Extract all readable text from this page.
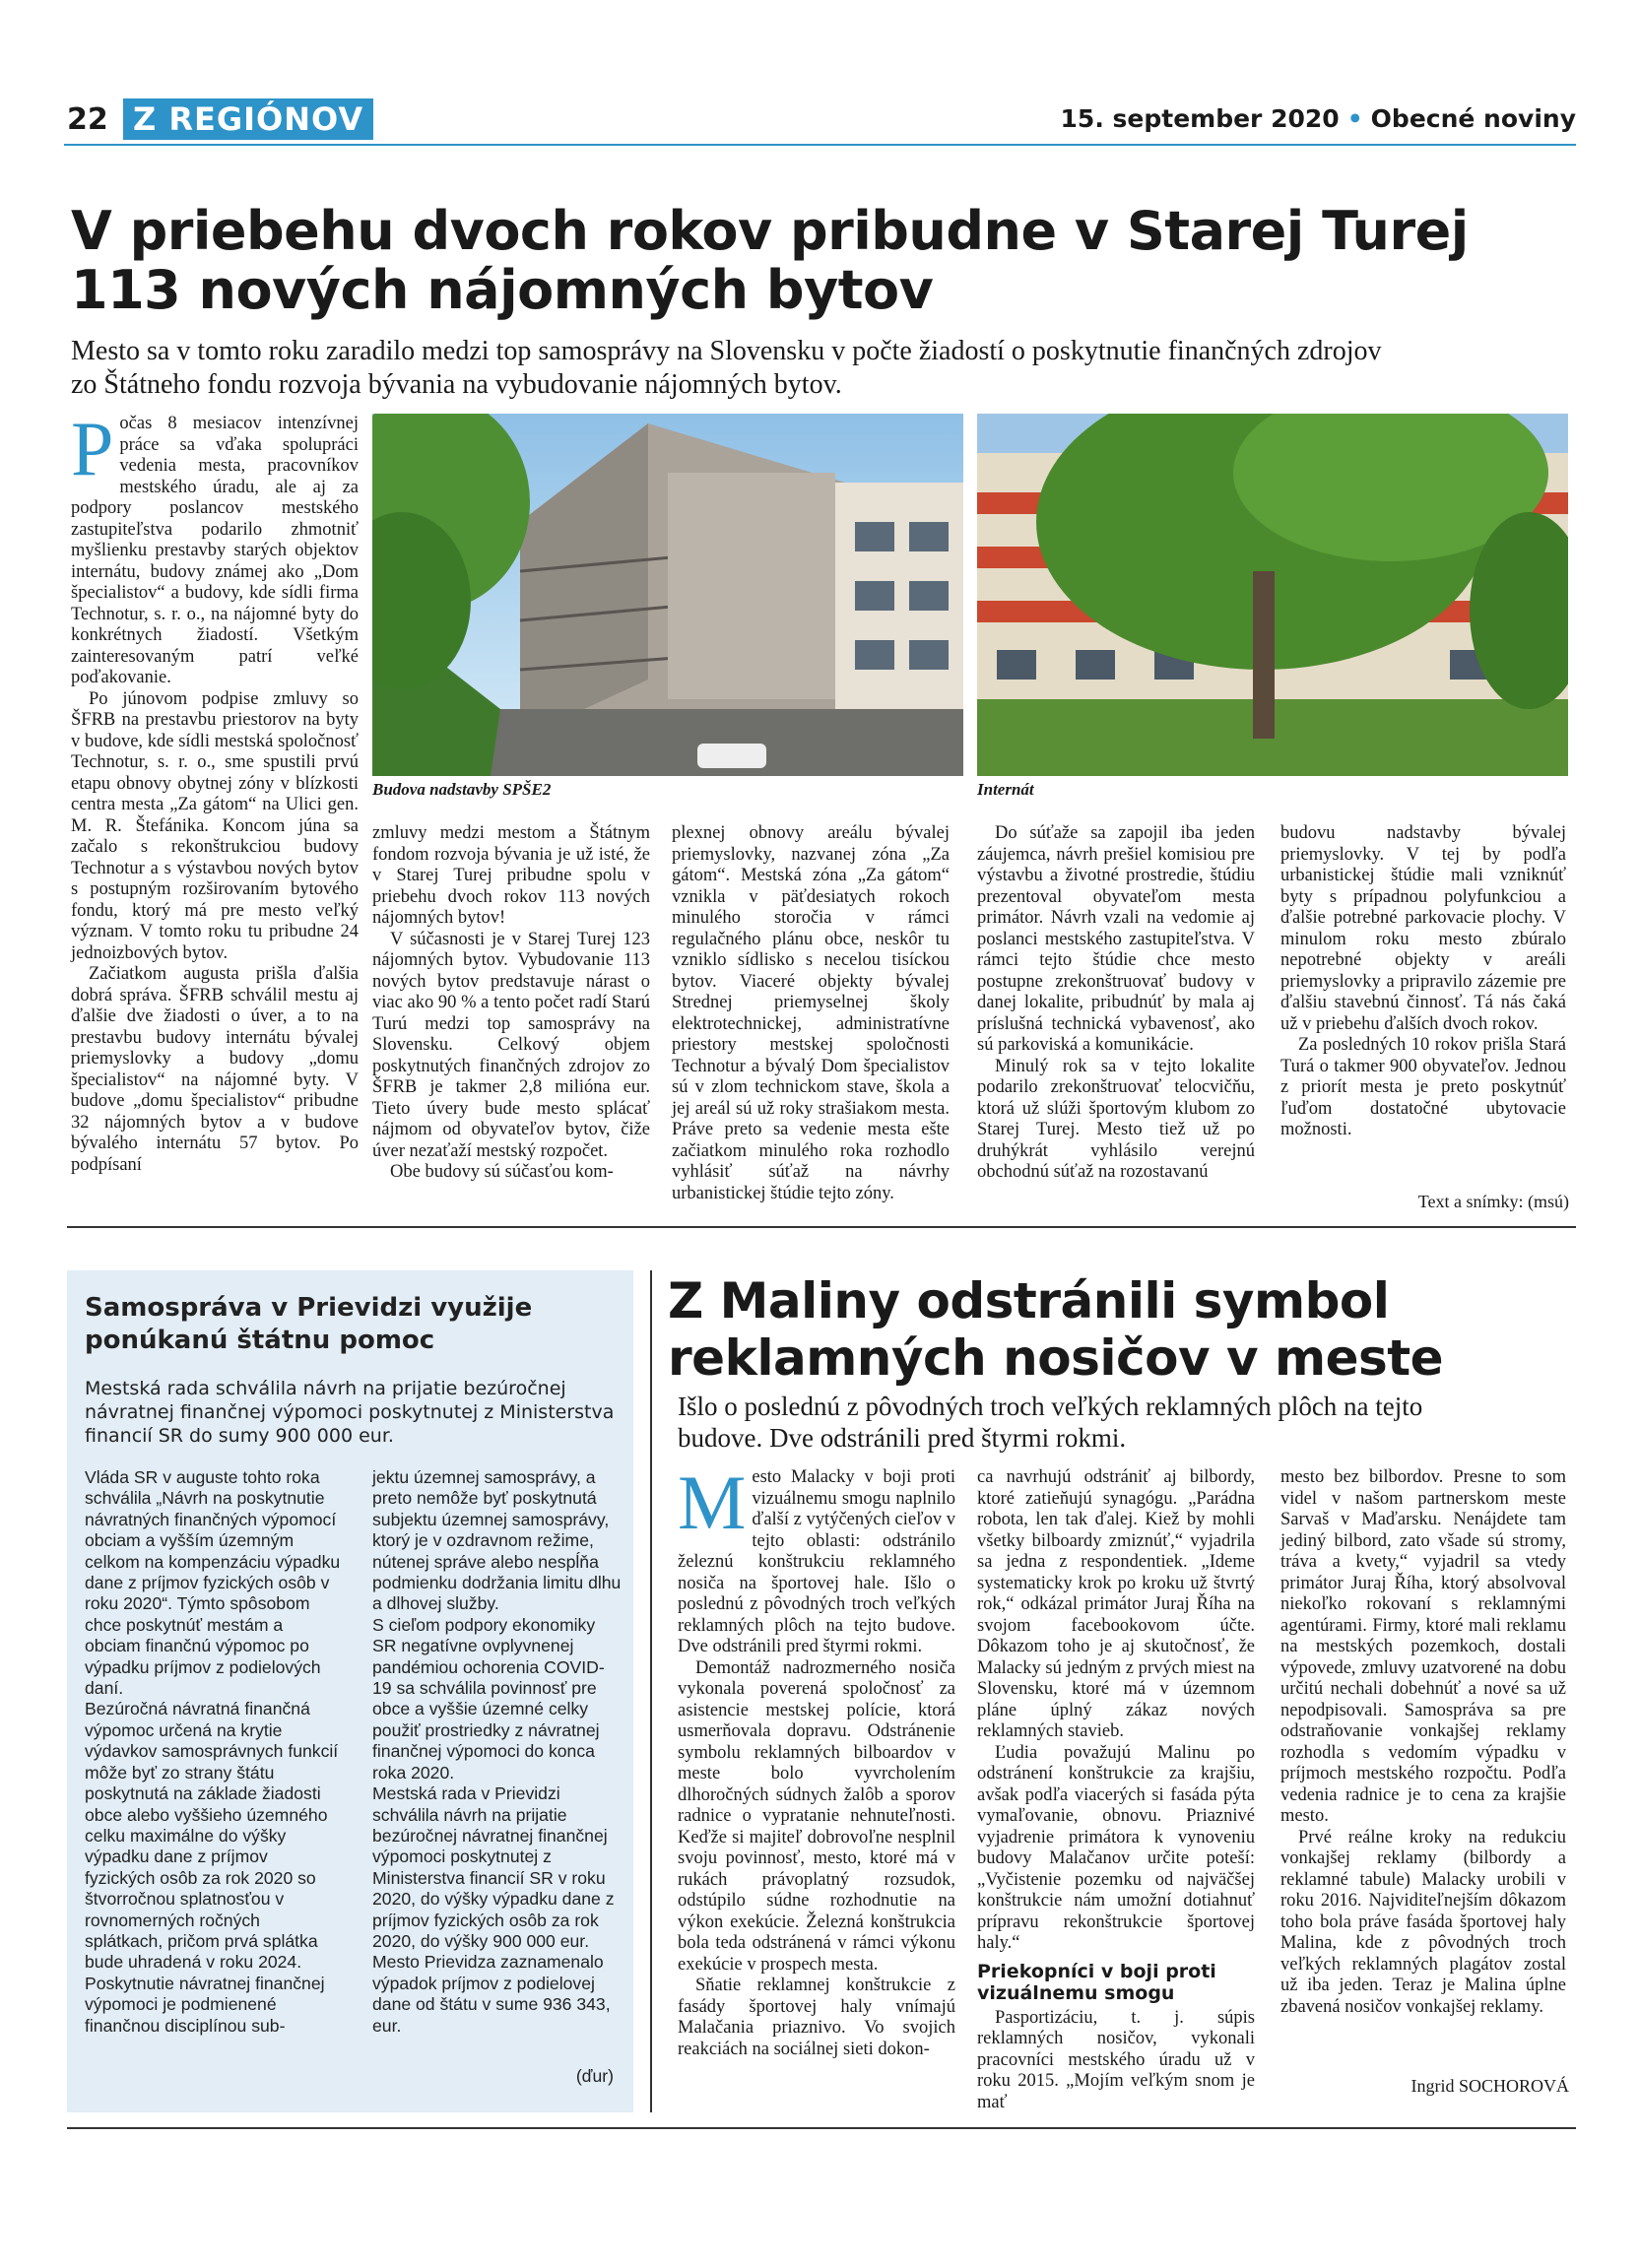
22 Z REGIÓNOV	15. september 2020 • Obecné noviny
V priebehu dvoch rokov pribudne v Starej Turej
113 nových nájomných bytov
Mesto sa v tomto roku zaradilo medzi top samosprávy na Slovensku v počte žiadostí o poskytnutie finančných zdrojov
zo Štátneho fondu rozvoja bývania na vybudovanie nájomných bytov.

Počas 8 mesiacov intenzívnej práce sa vďaka spolupráci vedenia mesta, pracovníkov mestského úradu, ale aj za podpory poslancov mestského zastupiteľstva podarilo zhmotniť myšlienku prestavby starých objektov internátu, budovy známej ako „Dom špecialistov“ a budovy, kde sídli firma Technotur, s. r. o., na nájomné byty do konkrétnych žiadostí. Všetkým zainteresovaným patrí veľké poďakovanie.

Po júnovom podpise zmluvy so ŠFRB na prestavbu priestorov na byty v budove, kde sídli mestská spoločnosť Technotur, s. r. o., sme spustili prvú etapu obnovy obytnej zóny v blízkosti centra mesta „Za gátom“ na Ulici gen. M. R. Štefánika. Koncom júna sa začalo s rekonštrukciou budovy Technotur a s výstavbou nových bytov s postupným rozširovaním bytového fondu, ktorý má pre mesto veľký význam. V tomto roku tu pribudne 24 jednoizbových bytov.

Začiatkom augusta prišla ďalšia dobrá správa. ŠFRB schválil mestu aj ďalšie dve žiadosti o úver, a to na prestavbu budovy internátu bývalej priemyslovky a budovy „domu špecialistov“ na nájomné byty. V budove „domu špecialistov“ pribudne 32 nájomných bytov a v budove bývalého internátu 57 bytov. Po podpísaní

Budova nadstavby SPŠE2	Internát

zmluvy medzi mestom a Štátnym fondom rozvoja bývania je už isté, že v Starej Turej pribudne spolu v priebehu dvoch rokov 113 nových nájomných bytov!

V súčasnosti je v Starej Turej 123 nájomných bytov. Vybudovanie 113 nových bytov predstavuje nárast o viac ako 90 % a tento počet radí Starú Turú medzi top samosprávy na Slovensku. Celkový objem poskytnutých finančných zdrojov zo ŠFRB je takmer 2,8 milióna eur. Tieto úvery bude mesto splácať nájmom od obyvateľov bytov, čiže úver nezaťaží mestský rozpočet.

Obe budovy sú súčasťou kom-

plexnej obnovy areálu bývalej priemyslovky, nazvanej zóna „Za gátom“. Mestská zóna „Za gátom“ vznikla v päťdesiatych rokoch minulého storočia v rámci regulačného plánu obce, neskôr tu vzniklo sídlisko s necelou tisíckou bytov. Viaceré objekty bývalej Strednej priemyselnej školy elektrotechnickej, administratívne priestory mestskej spoločnosti Technotur a bývalý Dom špecialistov sú v zlom technickom stave, škola a jej areál sú už roky strašiakom mesta. Práve preto sa vedenie mesta ešte začiatkom minulého roka rozhodlo vyhlásiť súťaž na návrhy urbanistickej štúdie tejto zóny.

Do súťaže sa zapojil iba jeden záujemca, návrh prešiel komisiou pre výstavbu a životné prostredie, štúdiu prezentoval obyvateľom mesta primátor. Návrh vzali na vedomie aj poslanci mestského zastupiteľstva. V rámci tejto štúdie chce mesto postupne zrekonštruovať budovy v danej lokalite, pribudnúť by mala aj príslušná technická vybavenosť, ako sú parkoviská a komunikácie.

Minulý rok sa v tejto lokalite podarilo zrekonštruovať telocvičňu, ktorá už slúži športovým klubom zo Starej Turej. Mesto tiež už po druhýkrát vyhlásilo verejnú obchodnú súťaž na rozostavanú

budovu nadstavby bývalej priemyslovky. V tej by podľa urbanistickej štúdie mali vzniknúť byty s prípadnou polyfunkciou a ďalšie potrebné parkovacie plochy. V minulom roku mesto zbúralo nepotrebné objekty v areáli priemyslovky a pripravilo zázemie pre ďalšiu stavebnú činnosť. Tá nás čaká už v priebehu ďalších dvoch rokov.

Za posledných 10 rokov prišla Stará Turá o takmer 900 obyvateľov. Jednou z priorít mesta je preto poskytnúť ľuďom dostatočné ubytovacie možnosti.

Text a snímky: (msú)
Samospráva v Prievidzi využije
ponúkanú štátnu pomoc
Mestská rada schválila návrh na prijatie bezúročnej návratnej finančnej výpomoci poskytnutej z Ministerstva financií SR do sumy 900 000 eur.

Vláda SR v auguste tohto roka schválila „Návrh na poskytnutie návratných finančných výpomocí obciam a vyšším územným celkom na kompenzáciu výpadku dane z príjmov fyzických osôb v roku 2020“. Týmto spôsobom chce poskytnúť mestám a obciam finančnú výpomoc po výpadku príjmov z podielových daní.

Bezúročná návratná finančná výpomoc určená na krytie výdavkov samosprávnych funkcií môže byť zo strany štátu poskytnutá na základe žiadosti obce alebo vyššieho územného celku maximálne do výšky výpadku dane z príjmov fyzických osôb za rok 2020 so štvorročnou splatnosťou v rovnomerných ročných splátkach, pričom prvá splátka bude uhradená v roku 2024.

Poskytnutie návratnej finančnej výpomoci je podmienené finančnou disciplínou sub-

jektu územnej samosprávy, a preto nemôže byť poskytnutá subjektu územnej samosprávy, ktorý je v ozdravnom režime, nútenej správe alebo nespĺňa podmienku dodržania limitu dlhu a dlhovej služby.

S cieľom podpory ekonomiky SR negatívne ovplyvnenej pandémiou ochorenia COVID-19 sa schválila povinnosť pre obce a vyššie územné celky použiť prostriedky z návratnej finančnej výpomoci do konca roka 2020.

Mestská rada v Prievidzi schválila návrh na prijatie bezúročnej návratnej finančnej výpomoci poskytnutej z Ministerstva financií SR v roku 2020, do výšky výpadku dane z príjmov fyzických osôb za rok 2020, do výšky 900 000 eur. Mesto Prievidza zaznamenalo výpadok príjmov z podielovej dane od štátu v sume 936 343, eur.

(ďur)
Z Maliny odstránili symbol
reklamných nosičov v meste
Išlo o poslednú z pôvodných troch veľkých reklamných plôch na tejto
budove. Dve odstránili pred štyrmi rokmi.

Mesto Malacky v boji proti vizuálnemu smogu naplnilo ďalší z vytýčených cieľov v tejto oblasti: odstránilo železnú konštrukciu reklamného nosiča na športovej hale. Išlo o poslednú z pôvodných troch veľkých reklamných plôch na tejto budove. Dve odstránili pred štyrmi rokmi.

Demontáž nadrozmerného nosiča vykonala poverená spoločnosť za asistencie mestskej polície, ktorá usmerňovala dopravu. Odstránenie symbolu reklamných bilboardov v meste bolo vyvrcholením dlhoročných súdnych žalôb a sporov radnice o vypratanie nehnuteľnosti. Keďže si majiteľ dobrovoľne nesplnil svoju povinnosť, mesto, ktoré má v rukách právoplatný rozsudok, odstúpilo súdne rozhodnutie na výkon exekúcie. Železná konštrukcia bola teda odstránená v rámci výkonu exekúcie v prospech mesta.

Sňatie reklamnej konštrukcie z fasády športovej haly vnímajú Malačania priaznivo. Vo svojich reakciách na sociálnej sieti dokon-

ca navrhujú odstrániť aj bilbordy, ktoré zatieňujú synagógu. „Parádna robota, len tak ďalej. Kiež by mohli všetky bilboardy zmiznúť,“ vyjadrila sa jedna z respondentiek. „Ideme systematicky krok po kroku už štvrtý rok,“ odkázal primátor Juraj Říha na svojom facebookovom účte. Dôkazom toho je aj skutočnosť, že Malacky sú jedným z prvých miest na Slovensku, ktoré má v územnom pláne úplný zákaz nových reklamných stavieb.

Ľudia považujú Malinu po odstránení konštrukcie za krajšiu, avšak podľa viacerých si fasáda pýta vymaľovanie, obnovu. Priaznivé vyjadrenie primátora k vynoveniu budovy Malačanov určite poteší: „Vyčistenie pozemku od najväčšej konštrukcie nám umožní dotiahnuť prípravu rekonštrukcie športovej haly.“

Priekopníci v boji proti vizuálnemu smogu

Pasportizáciu, t. j. súpis reklamných nosičov, vykonali pracovníci mestského úradu už v roku 2015. „Mojím veľkým snom je mať

mesto bez bilbordov. Presne to som videl v našom partnerskom meste Sarvaš v Maďarsku. Nenájdete tam jediný bilbord, zato všade sú stromy, tráva a kvety,“ vyjadril sa vtedy primátor Juraj Říha, ktorý absolvoval niekoľko rokovaní s reklamnými agentúrami. Firmy, ktoré mali reklamu na mestských pozemkoch, dostali výpovede, zmluvy uzatvorené na dobu určitú nechali dobehnúť a nové sa už nepodpisovali. Samospráva sa pre odstraňovanie vonkajšej reklamy rozhodla s vedomím výpadku v príjmoch mestského rozpočtu. Podľa vedenia radnice je to cena za krajšie mesto.

Prvé reálne kroky na redukciu vonkajšej reklamy (bilbordy a reklamné tabule) Malacky urobili v roku 2016. Najviditeľnejším dôkazom toho bola práve fasáda športovej haly Malina, kde z pôvodných troch veľkých reklamných plagátov zostal už iba jeden. Teraz je Malina úplne zbavená nosičov vonkajšej reklamy.

Ingrid SOCHOROVÁ
